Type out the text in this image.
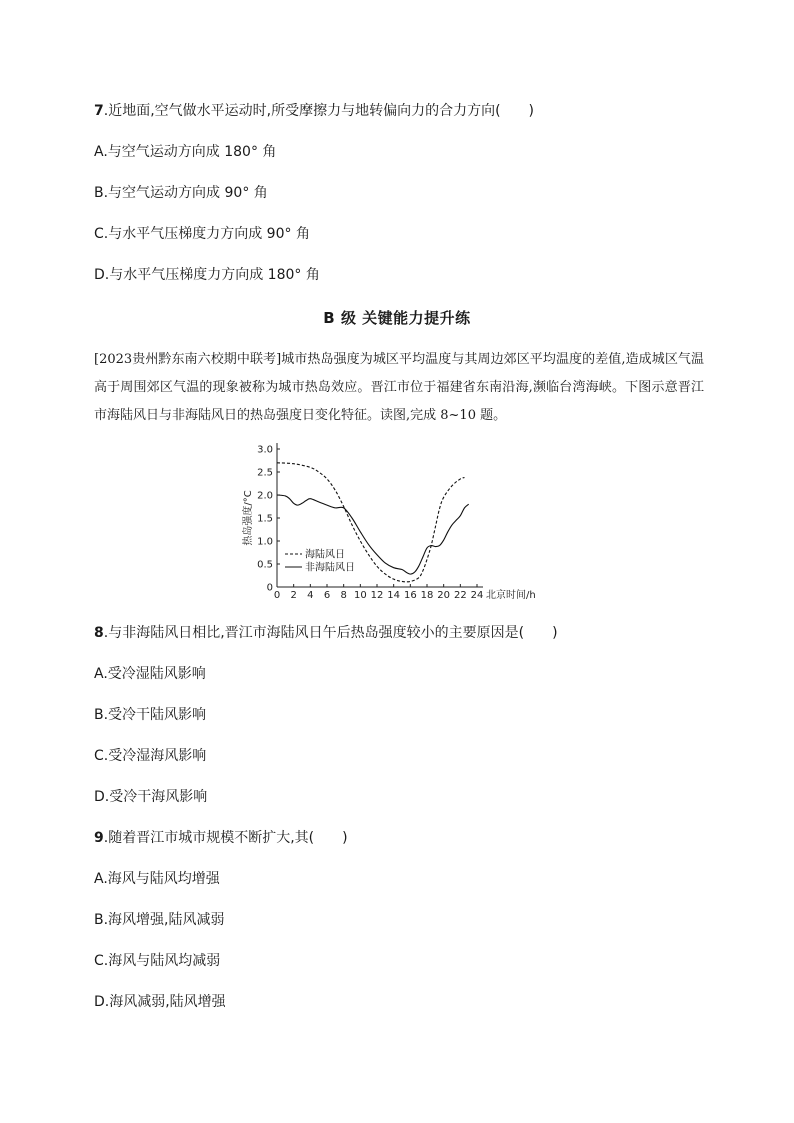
7.近地面,空气做水平运动时,所受摩擦力与地转偏向力的合力方向(　　)
A.与空气运动方向成 180° 角
B.与空气运动方向成 90° 角
C.与水平气压梯度力方向成 90° 角
D.与水平气压梯度力方向成 180° 角
B 级 关键能力提升练
[2023贵州黔东南六校期中联考]城市热岛强度为城区平均温度与其周边郊区平均温度的差值,造成城区气温高于周围郊区气温的现象被称为城市热岛效应。晋江市位于福建省东南沿海,濒临台湾海峡。下图示意晋江市海陆风日与非海陆风日的热岛强度日变化特征。读图,完成 8~10 题。
热岛强度/°C
北京时间/h
0
0.5
1.0
1.5
2.0
2.5
3.0
0 2 4 6 8 10 12 14 16 18 20 22 24
海陆风日
非海陆风日
8.与非海陆风日相比,晋江市海陆风日午后热岛强度较小的主要原因是(　　)
A.受冷湿陆风影响
B.受冷干陆风影响
C.受冷湿海风影响
D.受冷干海风影响
9.随着晋江市城市规模不断扩大,其(　　)
A.海风与陆风均增强
B.海风增强,陆风减弱
C.海风与陆风均减弱
D.海风减弱,陆风增强
